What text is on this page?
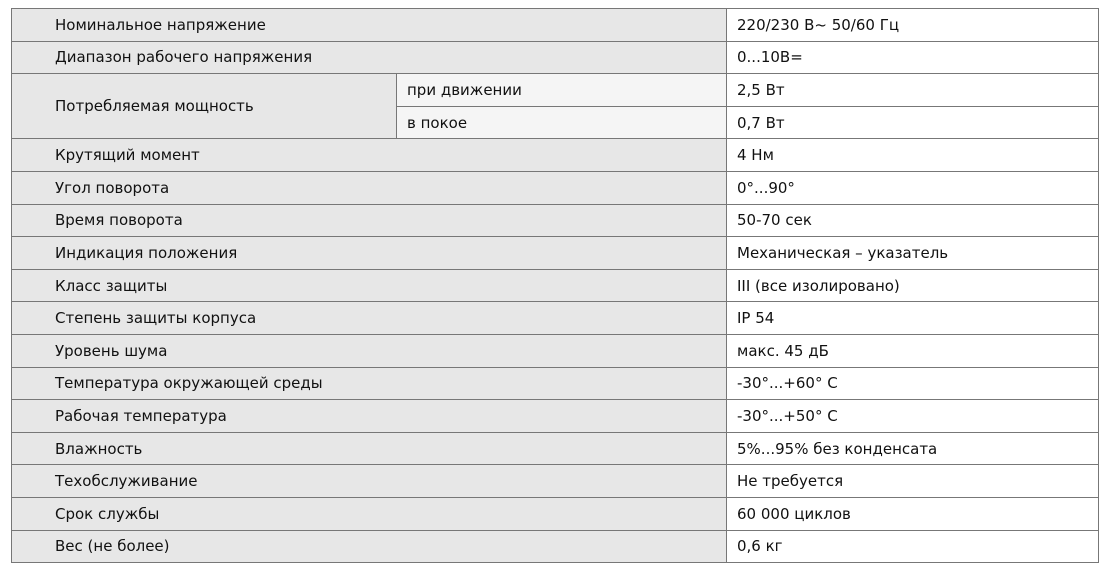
Номинальное напряжение		220/230 В~ 50/60 Гц
Диапазон рабочего напряжения		0...10В=
Потребляемая мощность	при движении	2,5 Вт
	в покое	0,7 Вт
Крутящий момент		4 Нм
Угол поворота		0°...90°
Время поворота		50-70 сек
Индикация положения		Механическая – указатель
Класс защиты		III (все изолировано)
Степень защиты корпуса		IP 54
Уровень шума		макс. 45 дБ
Температура окружающей среды		-30°...+60° С
Рабочая температура		-30°...+50° С
Влажность		5%...95% без конденсата
Техобслуживание		Не требуется
Срок службы		60 000 циклов
Вес (не более)		0,6 кг
